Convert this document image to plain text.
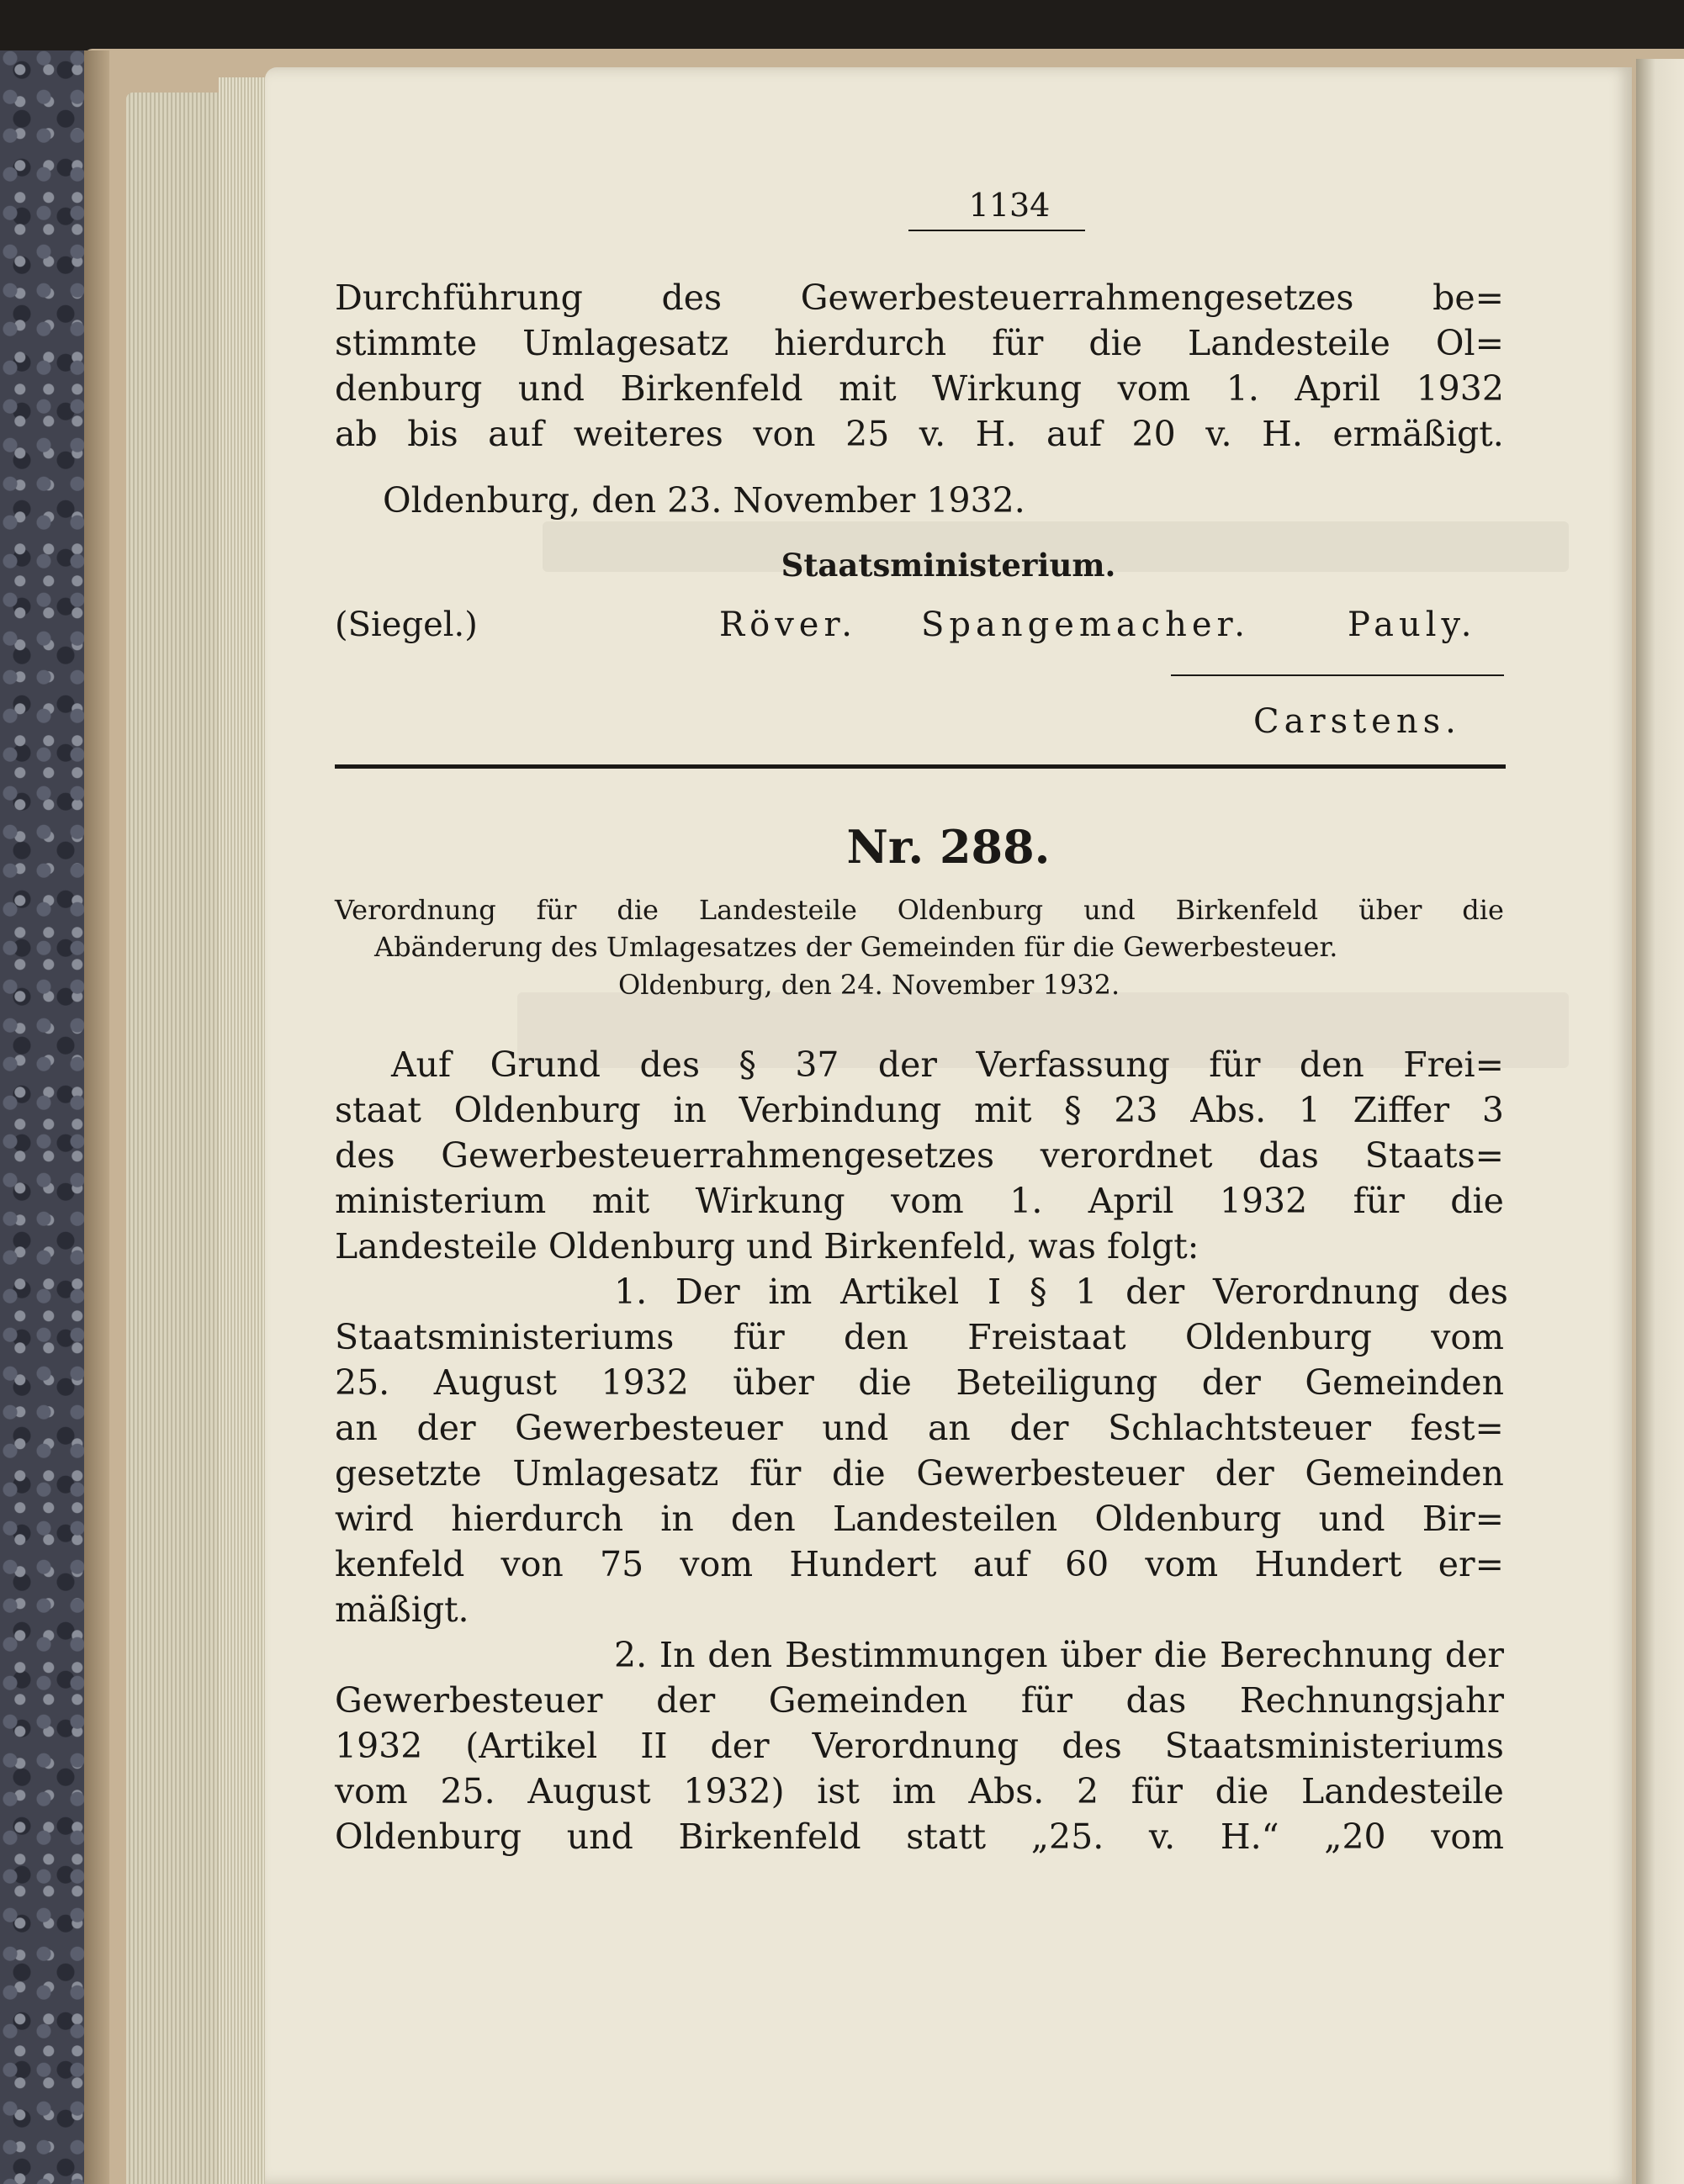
1134
Durchführung des Gewerbesteuerrahmengesetzes be=
stimmte Umlagesatz hierdurch für die Landesteile Ol=
denburg und Birkenfeld mit Wirkung vom 1. April 1932
ab bis auf weiteres von 25 v. H. auf 20 v. H. ermäßigt.
Oldenburg, den 23. November 1932.
Staatsministerium.
(Siegel.)	Röver. Spangemacher.	Pauly.
Carstens.
Nr. 288.
Verordnung für die Landesteile Oldenburg und Birkenfeld über die
Abänderung des Umlagesatzes der Gemeinden für die Gewerbesteuer.
Oldenburg, den 24. November 1932.
Auf Grund des § 37 der Verfassung für den Frei=
staat Oldenburg in Verbindung mit § 23 Abs. 1 Ziffer 3
des Gewerbesteuerrahmengesetzes verordnet das Staats=
ministerium mit Wirkung vom 1. April 1932 für die
Landesteile Oldenburg und Birkenfeld, was folgt:
1. Der im Artikel I § 1 der Verordnung des
Staatsministeriums für den Freistaat Oldenburg vom
25. August 1932 über die Beteiligung der Gemeinden
an der Gewerbesteuer und an der Schlachtsteuer fest=
gesetzte Umlagesatz für die Gewerbesteuer der Gemeinden
wird hierdurch in den Landesteilen Oldenburg und Bir=
kenfeld von 75 vom Hundert auf 60 vom Hundert er=
mäßigt.
2. In den Bestimmungen über die Berechnung der
Gewerbesteuer der Gemeinden für das Rechnungsjahr
1932 (Artikel II der Verordnung des Staatsministeriums
vom 25. August 1932) ist im Abs. 2 für die Landesteile
Oldenburg und Birkenfeld statt „25. v. H.“ „20 vom
